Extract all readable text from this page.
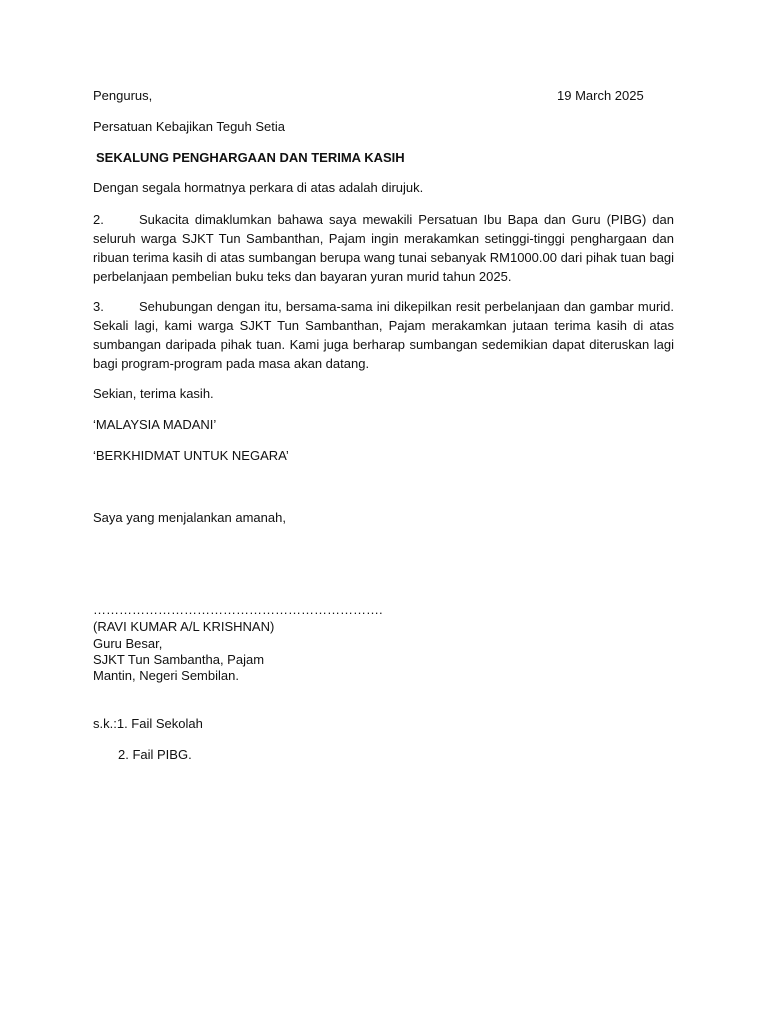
Pengurus,	19 March 2025
Persatuan Kebajikan Teguh Setia
SEKALUNG PENGHARGAAN DAN TERIMA KASIH
Dengan segala hormatnya perkara di atas adalah dirujuk.
2.	Sukacita dimaklumkan bahawa saya mewakili Persatuan Ibu Bapa dan Guru (PIBG) dan
seluruh warga SJKT Tun Sambanthan, Pajam ingin merakamkan setinggi-tinggi penghargaan dan
ribuan terima kasih di atas sumbangan berupa wang tunai sebanyak RM1000.00 dari pihak tuan bagi
perbelanjaan pembelian buku teks dan bayaran yuran murid tahun 2025.
3.	Sehubungan dengan itu, bersama-sama ini dikepilkan resit perbelanjaan dan gambar murid.
Sekali lagi, kami warga SJKT Tun Sambanthan, Pajam merakamkan jutaan terima kasih di atas
sumbangan daripada pihak tuan. Kami juga berharap sumbangan sedemikian dapat diteruskan lagi
bagi program-program pada masa akan datang.
Sekian, terima kasih.
‘MALAYSIA MADANI’
‘BERKHIDMAT UNTUK NEGARA’
Saya yang menjalankan amanah,
………………………………………………………….
(RAVI KUMAR A/L KRISHNAN)
Guru Besar,
SJKT Tun Sambantha, Pajam
Mantin, Negeri Sembilan.
s.k.:1. Fail Sekolah
2. Fail PIBG.
